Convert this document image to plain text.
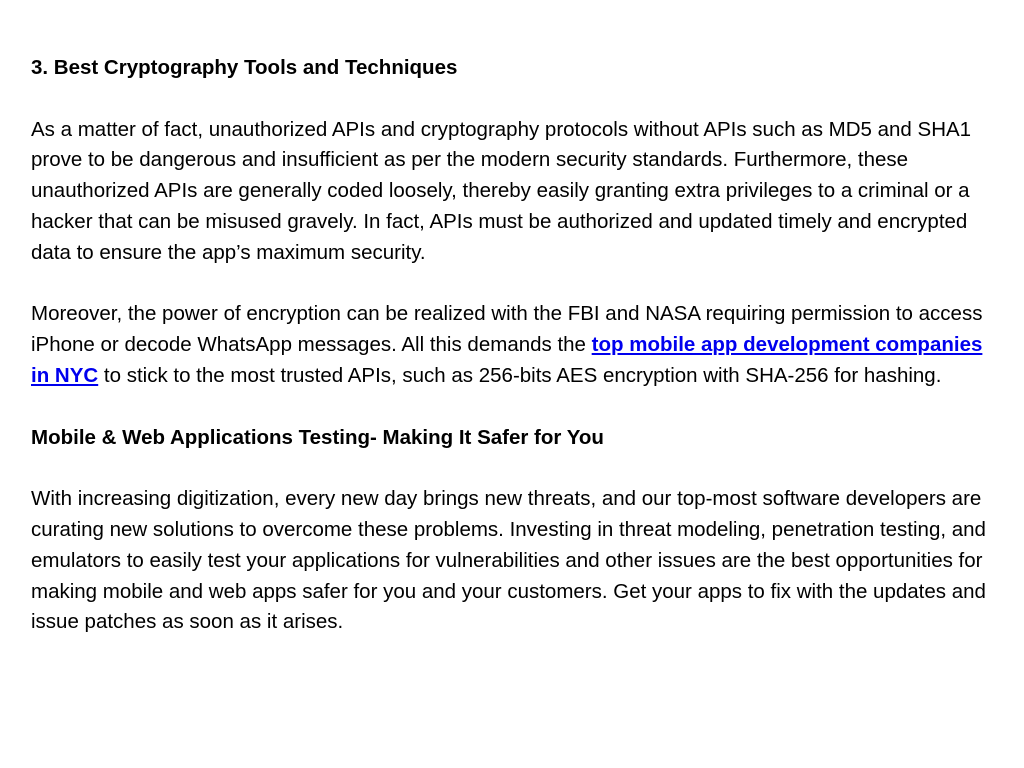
3. Best Cryptography Tools and Techniques

As a matter of fact, unauthorized APIs and cryptography protocols without APIs such as MD5 and SHA1 prove to be dangerous and insufficient as per the modern security standards. Furthermore, these unauthorized APIs are generally coded loosely, thereby easily granting extra privileges to a criminal or a hacker that can be misused gravely. In fact, APIs must be authorized and updated timely and encrypted data to ensure the app’s maximum security.

Moreover, the power of encryption can be realized with the FBI and NASA requiring permission to access iPhone or decode WhatsApp messages. All this demands the top mobile app development companies in NYC to stick to the most trusted APIs, such as 256-bits AES encryption with SHA-256 for hashing.

Mobile & Web Applications Testing- Making It Safer for You

With increasing digitization, every new day brings new threats, and our top-most software developers are curating new solutions to overcome these problems. Investing in threat modeling, penetration testing, and emulators to easily test your applications for vulnerabilities and other issues are the best opportunities for making mobile and web apps safer for you and your customers. Get your apps to fix with the updates and issue patches as soon as it arises.
